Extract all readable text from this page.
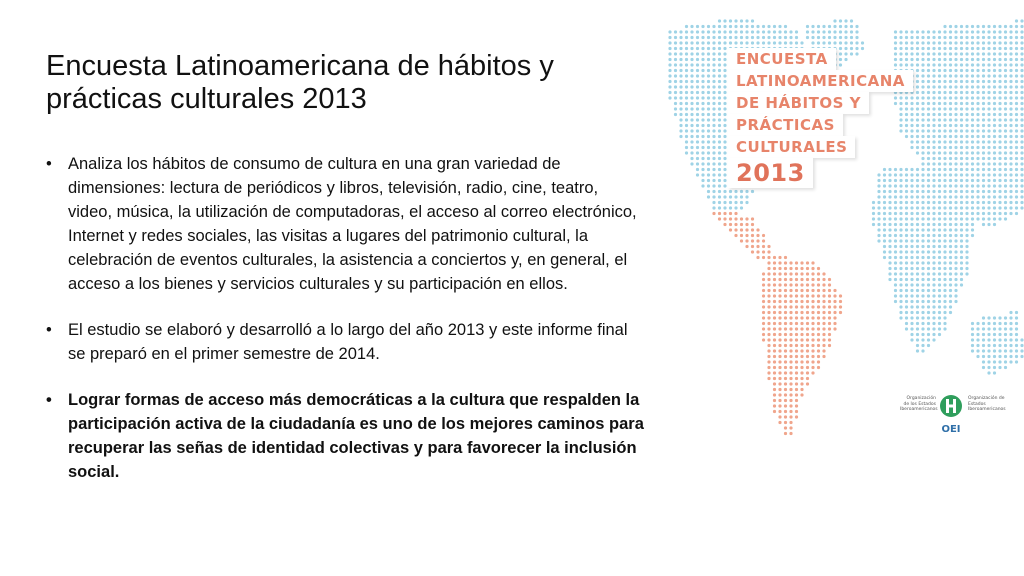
Encuesta Latinoamericana de hábitos y prácticas culturales 2013
• Analiza los hábitos de consumo de cultura en una gran variedad de dimensiones: lectura de periódicos y libros, televisión, radio, cine, teatro, video, música, la utilización de computadoras, el acceso al correo electrónico, Internet y redes sociales, las visitas a lugares del patrimonio cultural, la celebración de eventos culturales, la asistencia a conciertos y, en general, el acceso a los bienes y servicios culturales y su participación en ellos.
• El estudio se elaboró y desarrolló a lo largo del año 2013 y este informe final se preparó en el primer semestre de 2014.
• Lograr formas de acceso más democráticas a la cultura que respalden la participación activa de la ciudadanía es uno de los mejores caminos para recuperar las señas de identidad colectivas y para favorecer la inclusión social.
ENCUESTA
LATINOAMERICANA
DE HÁBITOS Y
PRÁCTICAS
CULTURALES
2013
Organización de los Estados Iberoamericanos
OEI
Organización de Estados Iberoamericanos
